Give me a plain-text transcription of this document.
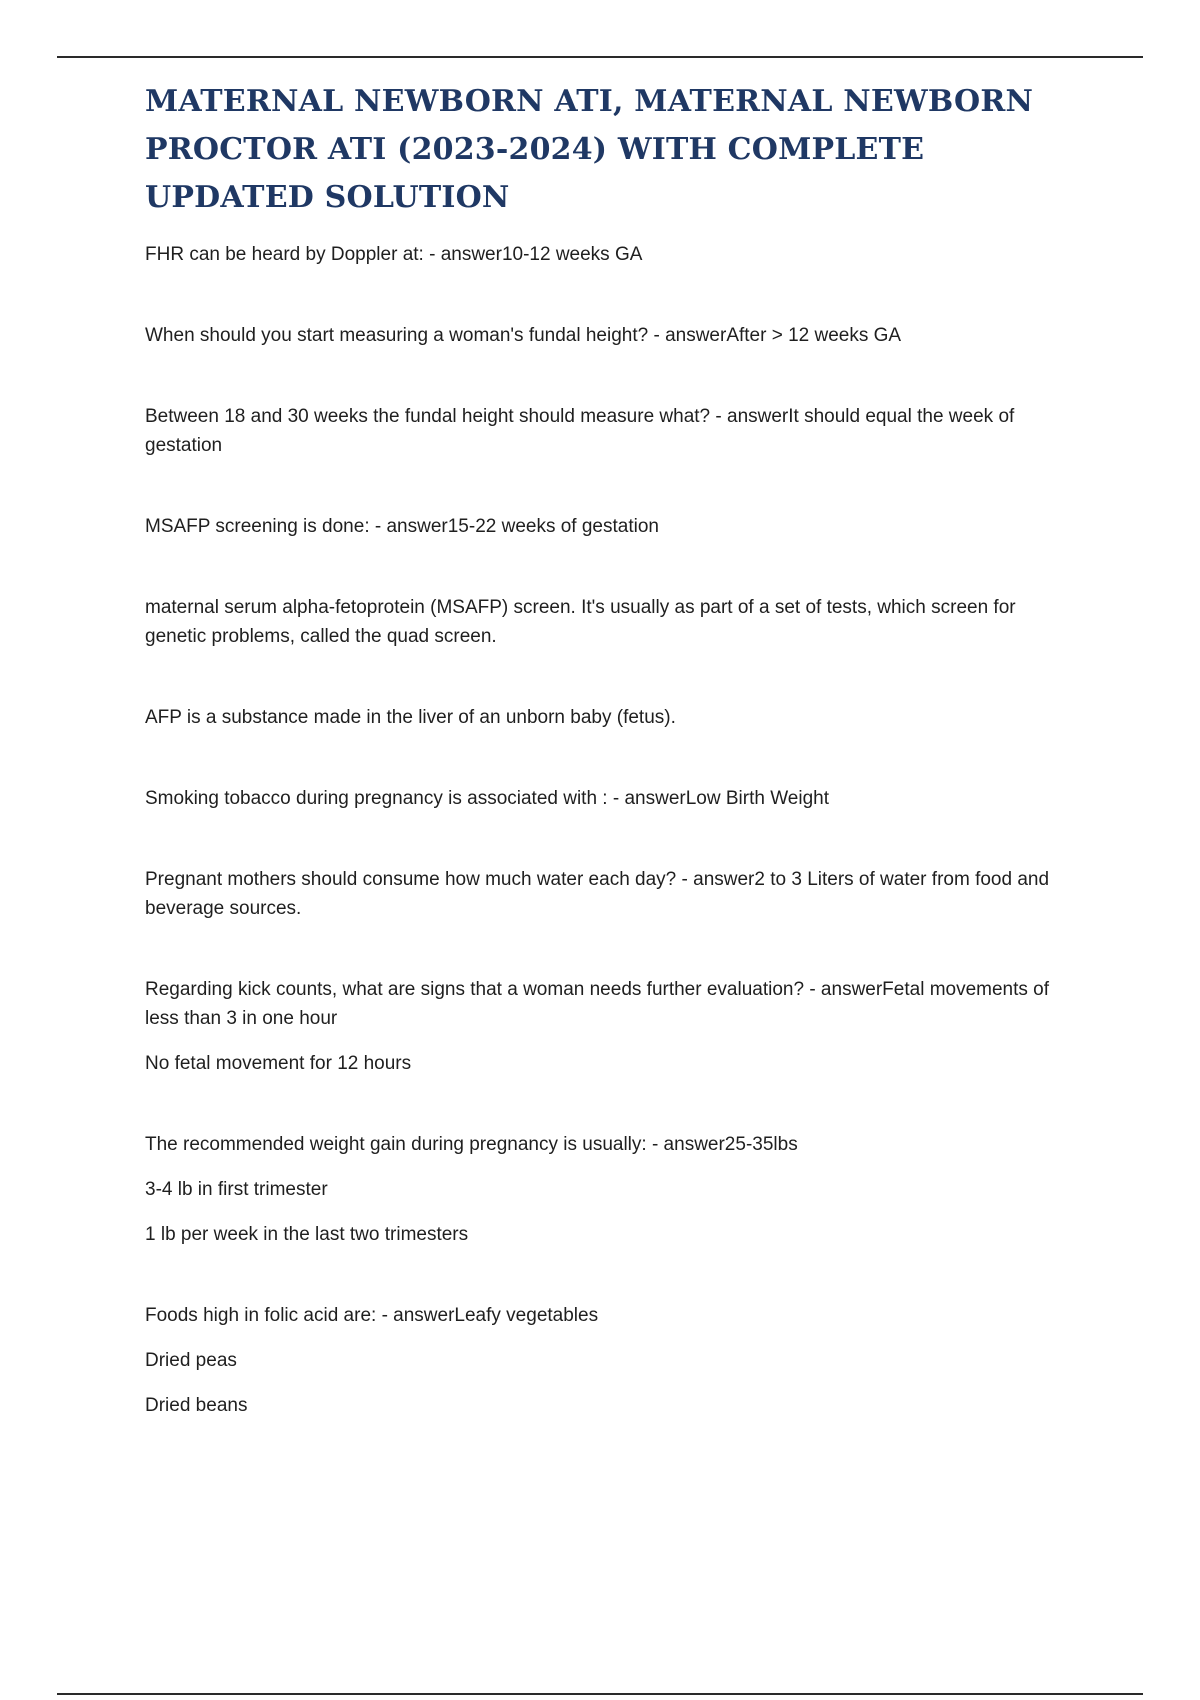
MATERNAL NEWBORN ATI, MATERNAL NEWBORN PROCTOR ATI (2023-2024) WITH COMPLETE UPDATED SOLUTION

FHR can be heard by Doppler at: - answer10-12 weeks GA

When should you start measuring a woman's fundal height? - answerAfter > 12 weeks GA

Between 18 and 30 weeks the fundal height should measure what? - answerIt should equal the week of gestation

MSAFP screening is done: - answer15-22 weeks of gestation

maternal serum alpha-fetoprotein (MSAFP) screen. It's usually as part of a set of tests, which screen for genetic problems, called the quad screen.

AFP is a substance made in the liver of an unborn baby (fetus).

Smoking tobacco during pregnancy is associated with : - answerLow Birth Weight

Pregnant mothers should consume how much water each day? - answer2 to 3 Liters of water from food and beverage sources.

Regarding kick counts, what are signs that a woman needs further evaluation? - answerFetal movements of less than 3 in one hour

No fetal movement for 12 hours

The recommended weight gain during pregnancy is usually: - answer25-35lbs

3-4 lb in first trimester

1 lb per week in the last two trimesters

Foods high in folic acid are: - answerLeafy vegetables

Dried peas

Dried beans
